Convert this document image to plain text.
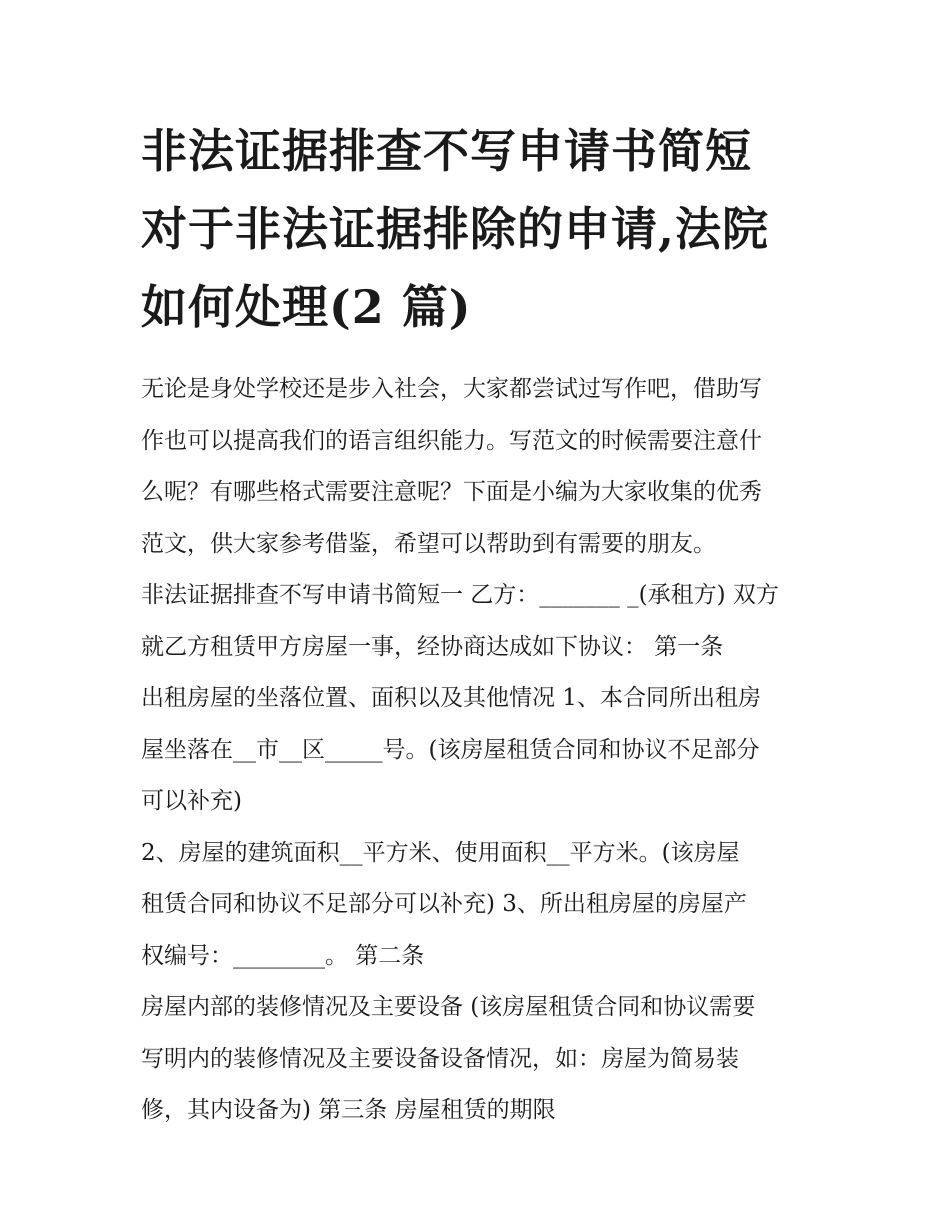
非法证据排查不写申请书简短
对于非法证据排除的申请,法院
如何处理(2 篇)
无论是身处学校还是步入社会，大家都尝试过写作吧，借助写
作也可以提高我们的语言组织能力。写范文的时候需要注意什
么呢？有哪些格式需要注意呢？下面是小编为大家收集的优秀
范文，供大家参考借鉴，希望可以帮助到有需要的朋友。
非法证据排查不写申请书简短一 乙方：_______ _(承租方) 双方
就乙方租赁甲方房屋一事，经协商达成如下协议： 第一条
出租房屋的坐落位置、面积以及其他情况 1、本合同所出租房
屋坐落在__市__区_____号。(该房屋租赁合同和协议不足部分
可以补充)
2、房屋的建筑面积__平方米、使用面积__平方米。(该房屋
租赁合同和协议不足部分可以补充) 3、所出租房屋的房屋产
权编号：________。 第二条
房屋内部的装修情况及主要设备 (该房屋租赁合同和协议需要
写明内的装修情况及主要设备设备情况，如：房屋为简易装
修，其内设备为) 第三条 房屋租赁的期限
